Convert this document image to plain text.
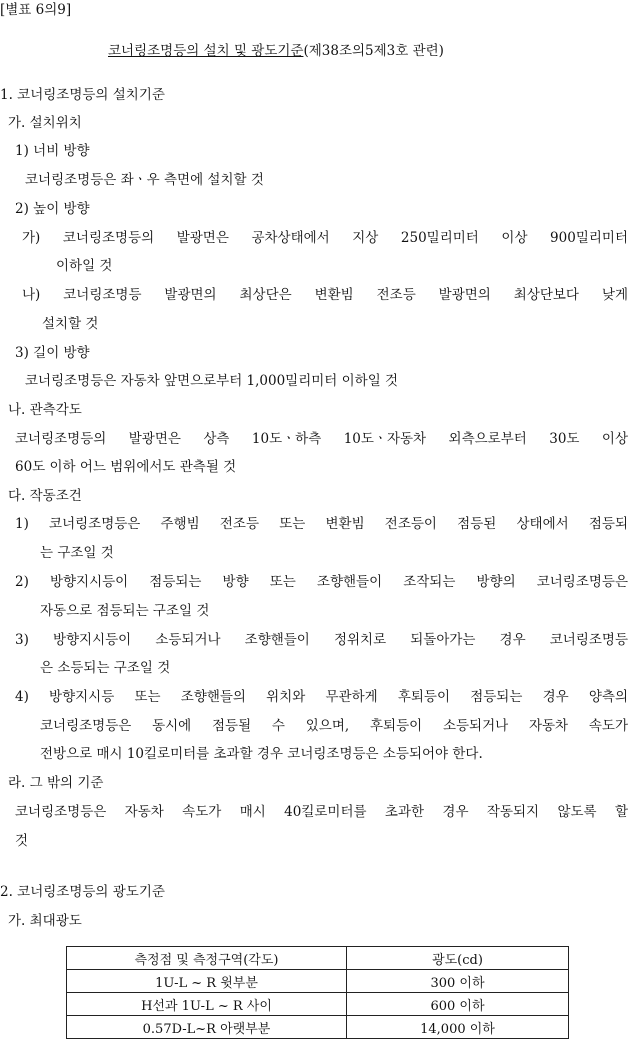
[별표 6의9]
코너링조명등의 설치 및 광도기준(제38조의5제3호 관련)
1. 코너링조명등의 설치기준
가. 설치위치
1) 너비 방향
코너링조명등은 좌ㆍ우 측면에 설치할 것
2) 높이 방향
가) 코너링조명등의 발광면은 공차상태에서 지상 250밀리미터 이상 900밀리미터
이하일 것
나) 코너링조명등 발광면의 최상단은 변환빔 전조등 발광면의 최상단보다 낮게
설치할 것
3) 길이 방향
코너링조명등은 자동차 앞면으로부터 1,000밀리미터 이하일 것
나. 관측각도
코너링조명등의 발광면은 상측 10도ㆍ하측 10도ㆍ자동차 외측으로부터 30도 이상
60도 이하 어느 범위에서도 관측될 것
다. 작동조건
1) 코너링조명등은 주행빔 전조등 또는 변환빔 전조등이 점등된 상태에서 점등되
는 구조일 것
2) 방향지시등이 점등되는 방향 또는 조향핸들이 조작되는 방향의 코너링조명등은
자동으로 점등되는 구조일 것
3) 방향지시등이 소등되거나 조향핸들이 정위치로 되돌아가는 경우 코너링조명등
은 소등되는 구조일 것
4) 방향지시등 또는 조향핸들의 위치와 무관하게 후퇴등이 점등되는 경우 양측의
코너링조명등은 동시에 점등될 수 있으며, 후퇴등이 소등되거나 자동차 속도가
전방으로 매시 10킬로미터를 초과할 경우 코너링조명등은 소등되어야 한다.
라. 그 밖의 기준
코너링조명등은 자동차 속도가 매시 40킬로미터를 초과한 경우 작동되지 않도록 할
것
2. 코너링조명등의 광도기준
가. 최대광도
측정점 및 측정구역(각도)	광도(cd)
1U-L ~ R 윗부분	300 이하
H선과 1U-L ~ R 사이	600 이하
0.57D-L~R 아랫부분	14,000 이하
